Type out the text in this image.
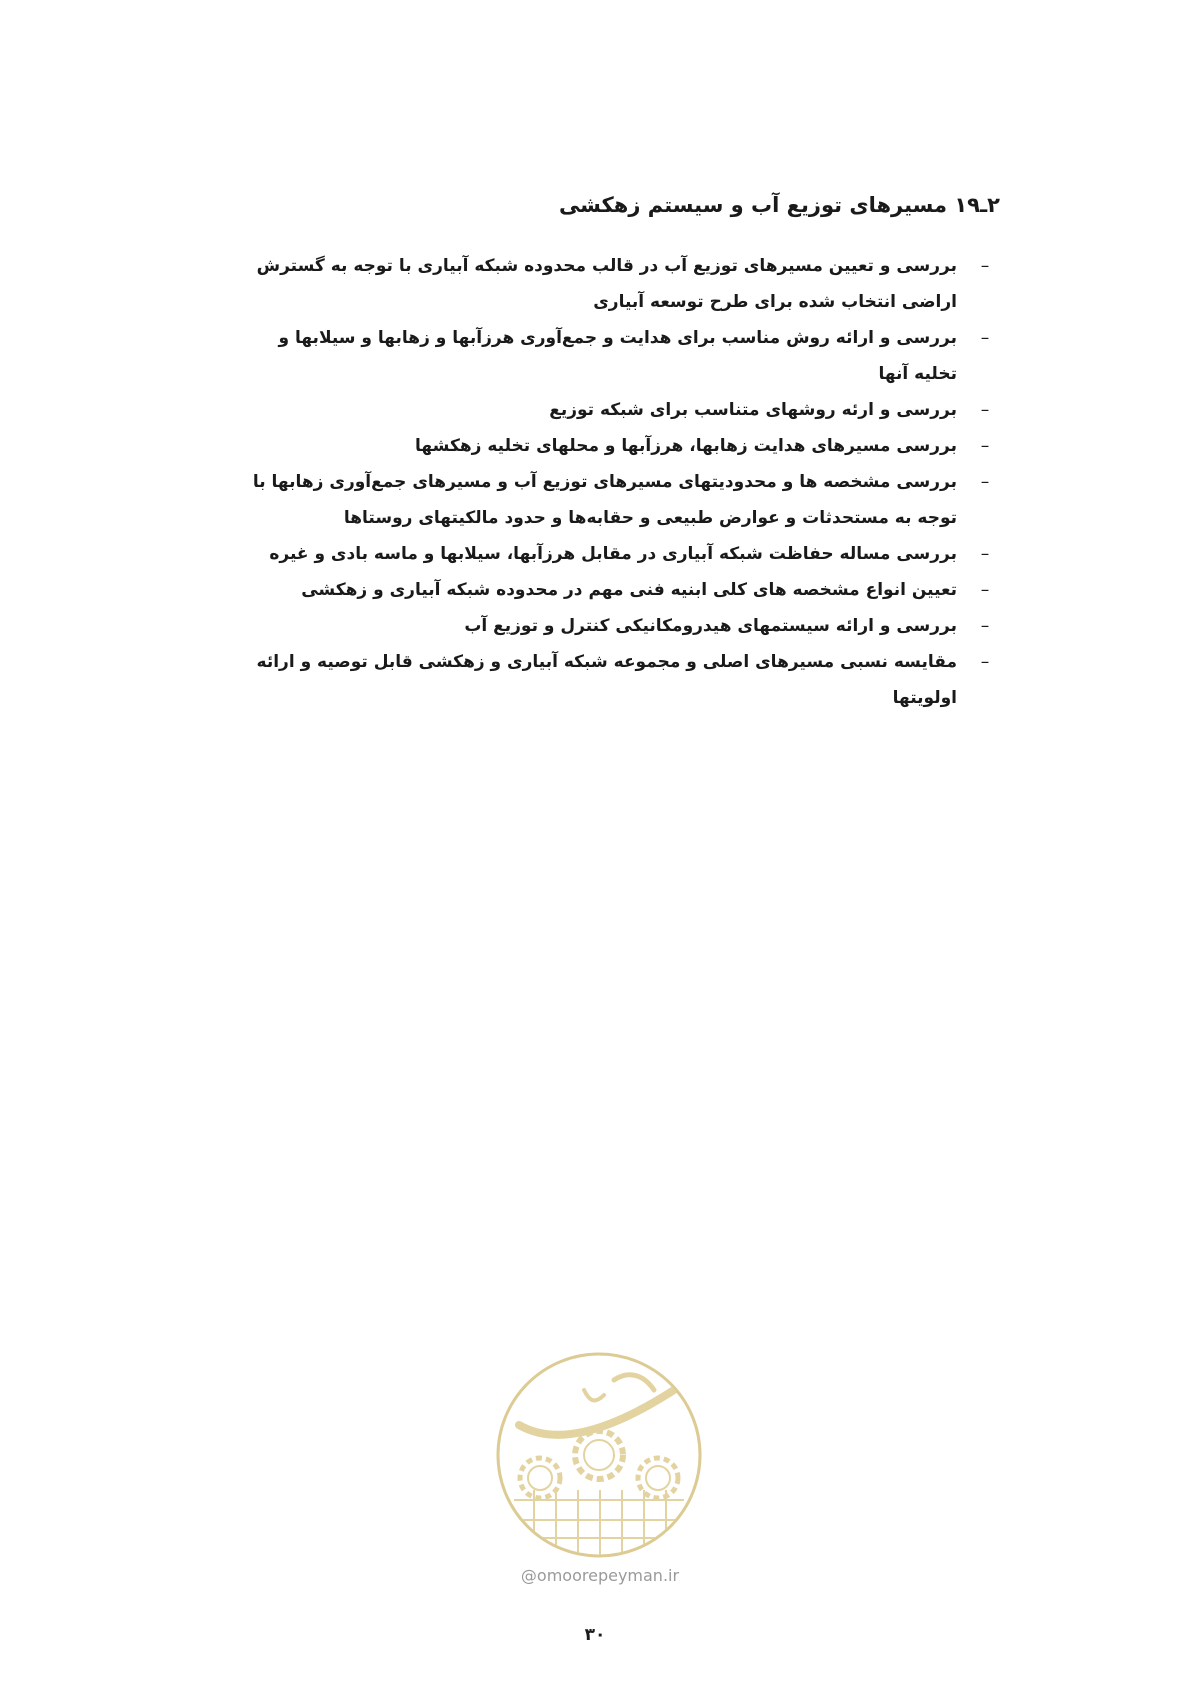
۲ـ۱۹ مسیرهای توزیع آب و سیستم زهکشی
–
بررسی و تعیین مسیرهای توزیع آب در قالب محدوده شبکه آبیاری با توجه به گسترش اراضی انتخاب شده برای طرح توسعه آبیاری
–
بررسی و ارائه روش مناسب برای هدایت و جمع‌آوری هرزآبها و زهابها و سیلابها و تخلیه آنها
–
بررسی و ارئه روشهای متناسب برای شبکه توزیع
–
بررسی مسیرهای هدایت زهابها، هرزآبها و محلهای تخلیه زهکشها
–
بررسی مشخصه ها و محدودیتهای مسیرهای توزیع آب و مسیرهای جمع‌آوری زهابها با توجه به مستحدثات و عوارض طبیعی و حقابه‌ها و حدود مالکیتهای روستاها
–
بررسی مساله حفاظت شبکه آبیاری در مقابل هرزآبها، سیلابها و ماسه بادی و غیره
–
تعیین انواع مشخصه های کلی ابنیه فنی مهم در محدوده شبکه آبیاری و زهکشی
–
بررسی و ارائه سیستمهای هیدرومکانیکی کنترل و توزیع آب
–
مقایسه نسبی مسیرهای اصلی و مجموعه شبکه آبیاری و زهکشی قابل توصیه و ارائه اولویتها
@omoorepeyman.ir
۳۰
